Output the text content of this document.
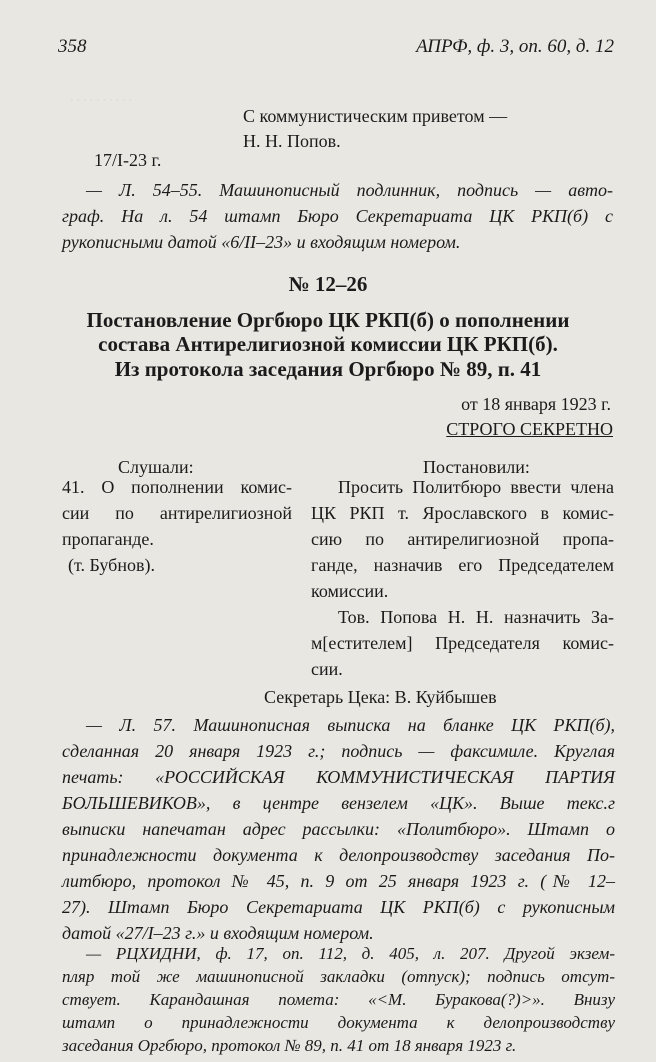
· · · · · · · · · ·
358	АПРФ, ф. 3, оп. 60, д. 12
С коммунистическим приветом —
Н. Н. Попов.
17/I-23 г.
— Л. 54–55. Машинописный подлинник, подпись — авто-
граф. На л. 54 штамп Бюро Секретариата ЦК РКП(б) с
рукописными датой «6/II–23» и входящим номером.
№ 12–26
Постановление Оргбюро ЦК РКП(б) о пополнении
состава Антирелигиозной комиссии ЦК РКП(б).
Из протокола заседания Оргбюро № 89, п. 41
от 18 января 1923 г.
СТРОГО СЕКРЕТНО
Слушали:	Постановили:
41. О пополнении комис-
сии по антирелигиозной
пропаганде.
(т. Бубнов).
Просить Политбюро ввести члена
ЦК РКП т. Ярославского в комис-
сию по антирелигиозной пропа-
ганде, назначив его Председателем
комиссии.
Тов. Попова Н. Н. назначить За-
м[естителем] Председателя комис-
сии.
Секретарь Цека: В. Куйбышев
— Л. 57. Машинописная выписка на бланке ЦК РКП(б),
сделанная 20 января 1923 г.; подпись — факсимиле. Круглая
печать: «РОССИЙСКАЯ КОММУНИСТИЧЕСКАЯ ПАРТИЯ
БОЛЬШЕВИКОВ», в центре вензелем «ЦК». Выше текс.г
выписки напечатан адрес рассылки: «Политбюро». Штамп о
принадлежности документа к делопроизводству заседания По-
литбюро, протокол № 45, п. 9 от 25 января 1923 г. (№ 12–
27). Штамп Бюро Секретариата ЦК РКП(б) с рукописным
датой «27/I–23 г.» и входящим номером.
— РЦХИДНИ, ф. 17, оп. 112, д. 405, л. 207. Другой экзем-
пляр той же машинописной закладки (отпуск); подпись отсут-
ствует. Карандашная помета: «<М. Буракова(?)>». Внизу
штамп о принадлежности документа к делопроизводству
заседания Оргбюро, протокол № 89, п. 41 от 18 января 1923 г.
